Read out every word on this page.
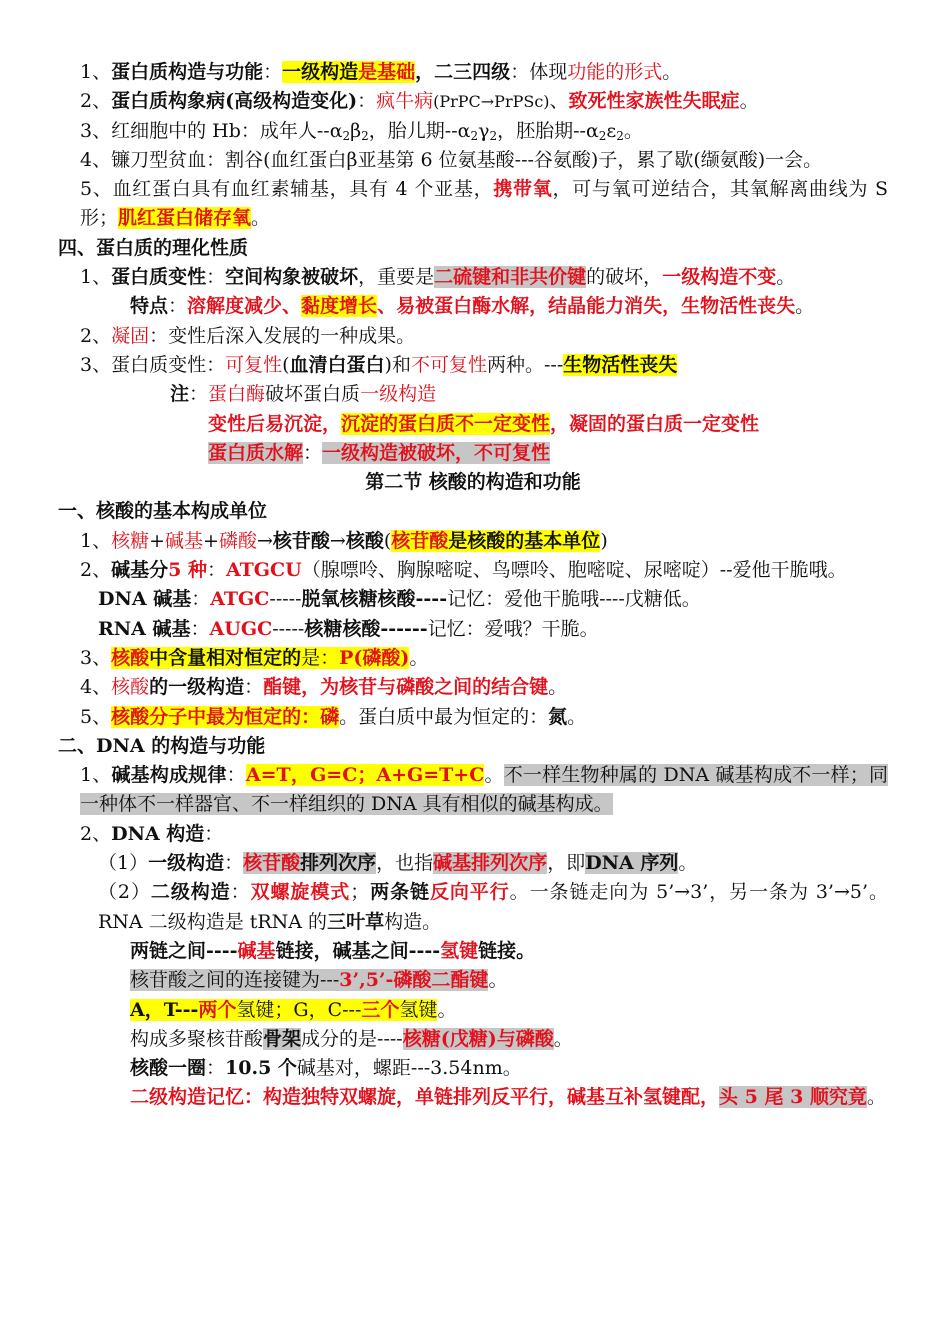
1、蛋白质构造与功能：一级构造是基础，二三四级：体现功能的形式。
2、蛋白质构象病(高级构造变化)：疯牛病(PrPC→PrPSc)、致死性家族性失眠症。
3、红细胞中的 Hb：成年人$--\alpha_2\beta_2$，胎儿期$--\alpha_2\gamma_2$，胚胎期$--\alpha_2\varepsilon_2$。
4、镰刀型贫血：割谷(血红蛋白β亚基第 6 位氨基酸---谷氨酸)子，累了歇(缬氨酸)一会。
5、血红蛋白具有血红素辅基，具有 4 个亚基，携带氧，可与氧可逆结合，其氧解离曲线为 S 形；肌红蛋白储存氧。
四、蛋白质的理化性质
1、蛋白质变性：空间构象被破坏，重要是二硫键和非共价键的破坏，一级构造不变。
特点：溶解度减少、黏度增长、易被蛋白酶水解，结晶能力消失，生物活性丧失。
2、凝固：变性后深入发展的一种成果。
3、蛋白质变性：可复性(血清白蛋白)和不可复性两种。---生物活性丧失
注：蛋白酶破坏蛋白质一级构造
变性后易沉淀，沉淀的蛋白质不一定变性，凝固的蛋白质一定变性
蛋白质水解：一级构造被破坏，不可复性
第二节 核酸的构造和功能
一、核酸的基本构成单位
1、核糖+碱基+磷酸→核苷酸→核酸(核苷酸是核酸的基本单位)
2、碱基分5 种：ATGCU（腺嘌呤、胸腺嘧啶、鸟嘌呤、胞嘧啶、尿嘧啶）--爱他干脆哦。
DNA 碱基：ATGC-----脱氧核糖核酸----记忆：爱他干脆哦----戊糖低。
RNA 碱基：AUGC-----核糖核酸------记忆：爱哦？干脆。
3、核酸中含量相对恒定的是：P(磷酸)。
4、核酸的一级构造：酯键，为核苷与磷酸之间的结合键。
5、核酸分子中最为恒定的：磷。蛋白质中最为恒定的：氮。
二、DNA 的构造与功能
1、碱基构成规律：A=T，G=C；A+G=T+C。不一样生物种属的 DNA 碱基构成不一样；同一种体不一样器官、不一样组织的 DNA 具有相似的碱基构成。
2、DNA 构造：
（1）一级构造：核苷酸排列次序，也指碱基排列次序，即DNA 序列。
（2）二级构造：双螺旋模式；两条链反向平行。一条链走向为 5’→3’，另一条为 3’→5’。RNA 二级构造是 tRNA 的三叶草构造。
两链之间----碱基链接，碱基之间----氢键链接。
核苷酸之间的连接键为---3’,5’-磷酸二酯键。
A，T---两个氢键；G，C---三个氢键。
构成多聚核苷酸骨架成分的是----核糖(戊糖)与磷酸。
核酸一圈：10.5 个碱基对，螺距---3.54nm。
二级构造记忆：构造独特双螺旋，单链排列反平行，碱基互补氢键配，头 5 尾 3 顺究竟。
